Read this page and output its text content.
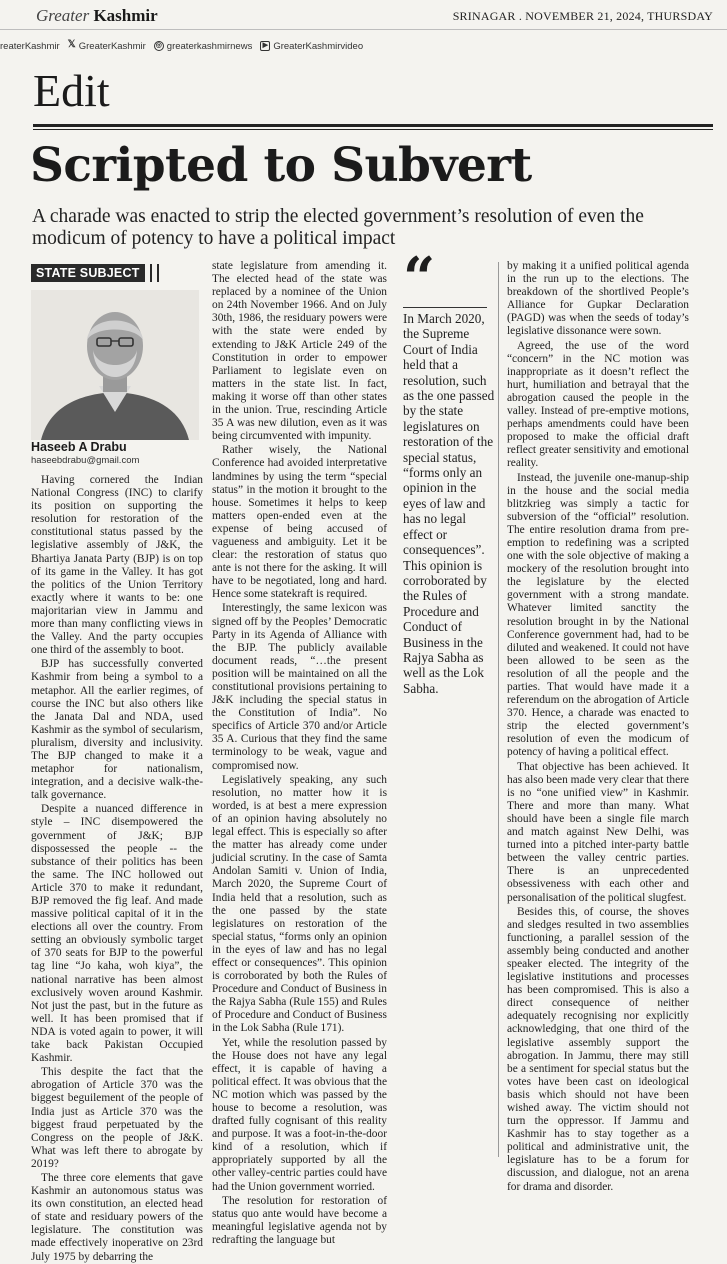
Greater Kashmir	SRINAGAR . NOVEMBER 21, 2024, THURSDAY
reaterKashmir 𝕏 GreaterKashmir ◎ greaterkashmirnews	▶ GreaterKashmirvideo
Edit
Scripted to Subvert
A charade was enacted to strip the elected government’s resolution of even the modicum of potency to have a political impact
STATE SUBJECT
Haseeb A Drabu
haseebdrabu@gmail.com

Having cornered the Indian National Congress (INC) to clarify its position on supporting the resolution for restoration of the constitutional status passed by the legislative assembly of J&K, the Bhartiya Janata Party (BJP) is on top of its game in the Valley. It has got the politics of the Union Territory exactly where it wants to be: one majoritarian view in Jammu and more than many conflicting views in the Valley. And the party occupies one third of the assembly to boot.

BJP has successfully converted Kashmir from being a symbol to a metaphor. All the earlier regimes, of course the INC but also others like the Janata Dal and NDA, used Kashmir as the symbol of secularism, pluralism, diversity and inclusivity. The BJP changed to make it a metaphor for nationalism, integration, and a decisive walk-the-talk governance.

Despite a nuanced difference in style – INC disempowered the government of J&K; BJP dispossessed the people -- the substance of their politics has been the same. The INC hollowed out Article 370 to make it redundant, BJP removed the fig leaf. And made massive political capital of it in the elections all over the country. From setting an obviously symbolic target of 370 seats for BJP to the powerful tag line “Jo kaha, woh kiya”, the national narrative has been almost exclusively woven around Kashmir. Not just the past, but in the future as well. It has been promised that if NDA is voted again to power, it will take back Pakistan Occupied Kashmir.

This despite the fact that the abrogation of Article 370 was the biggest beguilement of the people of India just as Article 370 was the biggest fraud perpetuated by the Congress on the people of J&K. What was left there to abrogate by 2019?

The three core elements that gave Kashmir an autonomous status was its own constitution, an elected head of state and residuary powers of the legislature. The constitution was made effectively inoperative on 23rd July 1975 by debarring the

state legislature from amending it. The elected head of the state was replaced by a nominee of the Union on 24th November 1966. And on July 30th, 1986, the residuary powers were with the state were ended by extending to J&K Article 249 of the Constitution in order to empower Parliament to legislate even on matters in the state list. In fact, making it worse off than other states in the union. True, rescinding Article 35 A was new dilution, even as it was being circumvented with impunity.

Rather wisely, the National Conference had avoided interpretative landmines by using the term “special status” in the motion it brought to the house. Sometimes it helps to keep matters open-ended even at the expense of being accused of vagueness and ambiguity. Let it be clear: the restoration of status quo ante is not there for the asking. It will have to be negotiated, long and hard. Hence some statekraft is required.

Interestingly, the same lexicon was signed off by the Peoples’ Democratic Party in its Agenda of Alliance with the BJP. The publicly available document reads, “…the present position will be maintained on all the constitutional provisions pertaining to J&K including the special status in the Constitution of India”. No specifics of Article 370 and/or Article 35 A. Curious that they find the same terminology to be weak, vague and compromised now.

Legislatively speaking, any such resolution, no matter how it is worded, is at best a mere expression of an opinion having absolutely no legal effect. This is especially so after the matter has already come under judicial scrutiny. In the case of Samta Andolan Samiti v. Union of India, March 2020, the Supreme Court of India held that a resolution, such as the one passed by the state legislatures on restoration of the special status, “forms only an opinion in the eyes of law and has no legal effect or consequences”. This opinion is corroborated by both the Rules of Procedure and Conduct of Business in the Rajya Sabha (Rule 155) and Rules of Procedure and Conduct of Business in the Lok Sabha (Rule 171).

Yet, while the resolution passed by the House does not have any legal effect, it is capable of having a political effect. It was obvious that the NC motion which was passed by the house to become a resolution, was drafted fully cognisant of this reality and purpose. It was a foot-in-the-door kind of a resolution, which if appropriately supported by all the other valley-centric parties could have had the Union government worried.

The resolution for restoration of status quo ante would have become a meaningful legislative agenda not by redrafting the language but

“
In March 2020, the Supreme Court of India held that a resolution, such as the one passed by the state legislatures on restoration of the special status, “forms only an opinion in the eyes of law and has no legal effect or consequences”. This opinion is corroborated by the Rules of Procedure and Conduct of Business in the Rajya Sabha as well as the Lok Sabha.

by making it a unified political agenda in the run up to the elections. The breakdown of the shortlived People’s Alliance for Gupkar Declaration (PAGD) was when the seeds of today’s legislative dissonance were sown.

Agreed, the use of the word “concern” in the NC motion was inappropriate as it doesn’t reflect the hurt, humiliation and betrayal that the abrogation caused the people in the valley. Instead of pre-emptive motions, perhaps amendments could have been proposed to make the official draft reflect greater sensitivity and emotional reality.

Instead, the juvenile one-manup-ship in the house and the social media blitzkrieg was simply a tactic for subversion of the “official” resolution. The entire resolution drama from pre-emption to redefining was a scripted one with the sole objective of making a mockery of the resolution brought into the legislature by the elected government with a strong mandate. Whatever limited sanctity the resolution brought in by the National Conference government had, had to be diluted and weakened. It could not have been allowed to be seen as the resolution of all the people and the parties. That would have made it a referendum on the abrogation of Article 370. Hence, a charade was enacted to strip the elected government’s resolution of even the modicum of potency of having a political effect.

That objective has been achieved. It has also been made very clear that there is no “one unified view” in Kashmir. There and more than many. What should have been a single file march and match against New Delhi, was turned into a pitched inter-party battle between the valley centric parties. There is an unprecedented obsessiveness with each other and personalisation of the political slugfest.

Besides this, of course, the shoves and sledges resulted in two assemblies functioning, a parallel session of the assembly being conducted and another speaker elected. The integrity of the legislative institutions and processes has been compromised. This is also a direct consequence of neither adequately recognising nor explicitly acknowledging, that one third of the legislative assembly support the abrogation. In Jammu, there may still be a sentiment for special status but the votes have been cast on ideological basis which should not have been wished away. The victim should not turn the oppressor. If Jammu and Kashmir has to stay together as a political and administrative unit, the legislature has to be a forum for discussion, and dialogue, not an arena for drama and disorder.
